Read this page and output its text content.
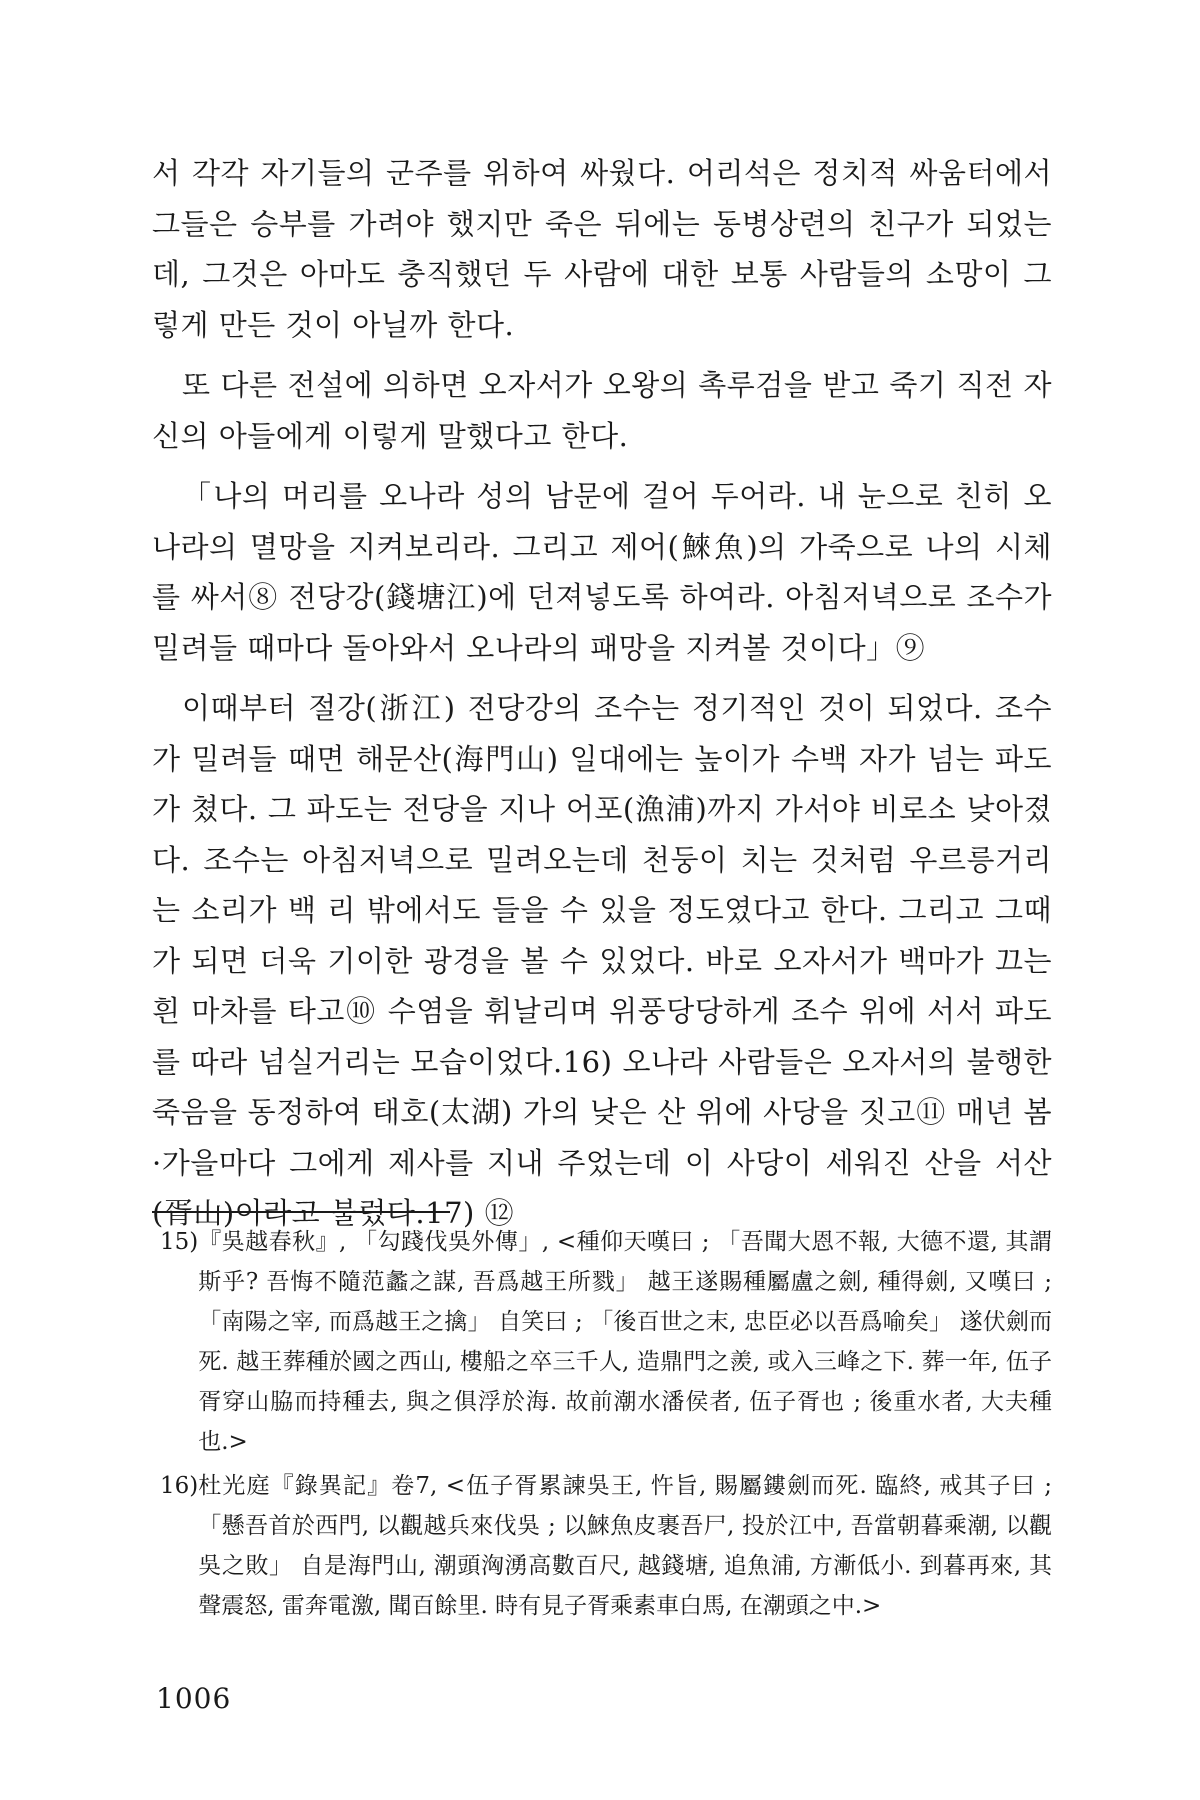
서 각각 자기들의 군주를 위하여 싸웠다. 어리석은 정치적 싸움터에서 그들은 승부를 가려야 했지만 죽은 뒤에는 동병상련의 친구가 되었는데, 그것은 아마도 충직했던 두 사람에 대한 보통 사람들의 소망이 그렇게 만든 것이 아닐까 한다.

또 다른 전설에 의하면 오자서가 오왕의 촉루검을 받고 죽기 직전 자신의 아들에게 이렇게 말했다고 한다.

「나의 머리를 오나라 성의 남문에 걸어 두어라. 내 눈으로 친히 오나라의 멸망을 지켜보리라. 그리고 제어(鯠魚)의 가죽으로 나의 시체를 싸서⑧ 전당강(錢塘江)에 던져넣도록 하여라. 아침저녁으로 조수가 밀려들 때마다 돌아와서 오나라의 패망을 지켜볼 것이다」⑨

이때부터 절강(浙江) 전당강의 조수는 정기적인 것이 되었다. 조수가 밀려들 때면 해문산(海門山) 일대에는 높이가 수백 자가 넘는 파도가 쳤다. 그 파도는 전당을 지나 어포(漁浦)까지 가서야 비로소 낮아졌다. 조수는 아침저녁으로 밀려오는데 천둥이 치는 것처럼 우르릉거리는 소리가 백 리 밖에서도 들을 수 있을 정도였다고 한다. 그리고 그때가 되면 더욱 기이한 광경을 볼 수 있었다. 바로 오자서가 백마가 끄는 흰 마차를 타고⑩ 수염을 휘날리며 위풍당당하게 조수 위에 서서 파도를 따라 넘실거리는 모습이었다.16) 오나라 사람들은 오자서의 불행한 죽음을 동정하여 태호(太湖) 가의 낮은 산 위에 사당을 짓고⑪ 매년 봄·가을마다 그에게 제사를 지내 주었는데 이 사당이 세워진 산을 서산(胥山)이라고 불렀다.17) ⑫

15) 『吳越春秋』, 「勾踐伐吳外傳」, <種仰天嘆曰 ; 「吾聞大恩不報, 大德不還, 其謂斯乎? 吾悔不隨范蠡之謀, 吾爲越王所戮」 越王遂賜種屬盧之劍, 種得劍, 又嘆曰 ; 「南陽之宰, 而爲越王之擒」 自笑曰 ; 「後百世之末, 忠臣必以吾爲喻矣」 遂伏劍而死. 越王葬種於國之西山, 樓船之卒三千人, 造鼎門之羨, 或入三峰之下. 葬一年, 伍子胥穿山脇而持種去, 與之俱浮於海. 故前潮水潘侯者, 伍子胥也 ; 後重水者, 大夫種也.>
16) 杜光庭『錄異記』卷7, <伍子胥累諫吳王, 忤旨, 賜屬鏤劍而死. 臨終, 戒其子曰 ; 「懸吾首於西門, 以觀越兵來伐吳 ; 以鯠魚皮裹吾尸, 投於江中, 吾當朝暮乘潮, 以觀吳之敗」 自是海門山, 潮頭洶湧高數百尺, 越錢塘, 追魚浦, 方漸低小. 到暮再來, 其聲震怒, 雷奔電激, 聞百餘里. 時有見子胥乘素車白馬, 在潮頭之中.>
1006
